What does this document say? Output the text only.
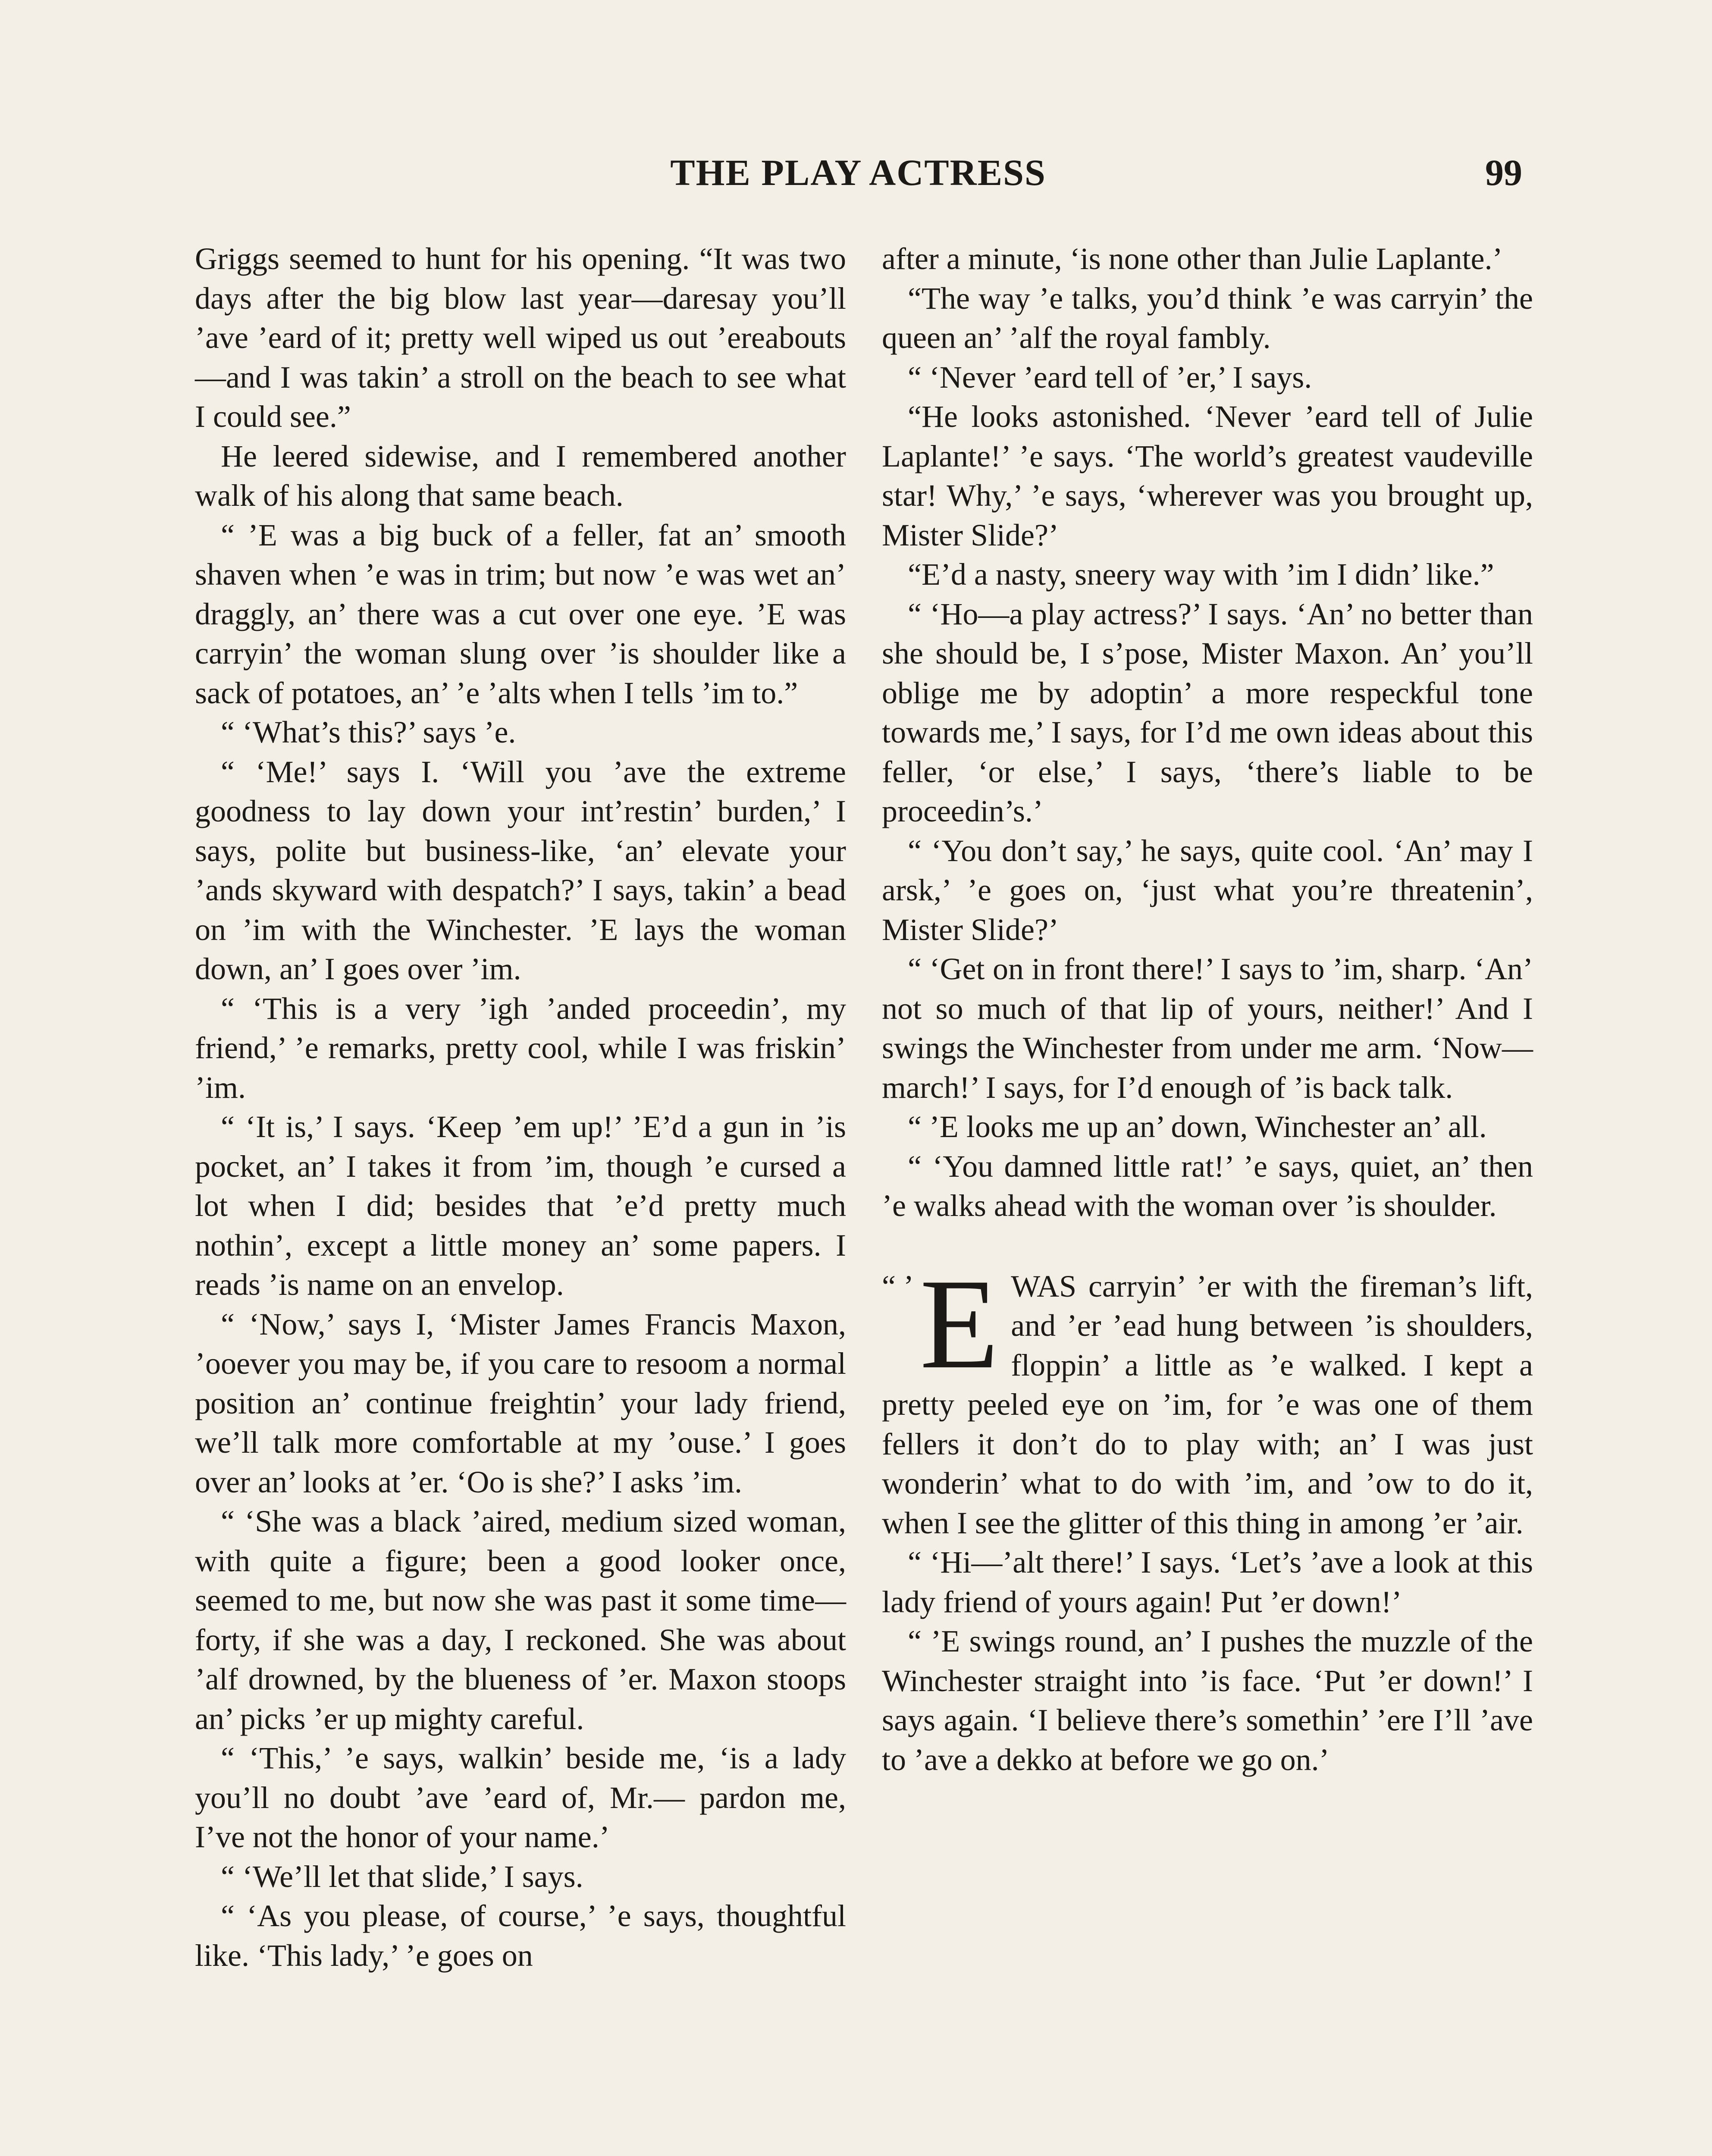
THE PLAY ACTRESS	99

Griggs seemed to hunt for his opening. “It was two days after the big blow last year—daresay you’ll ’ave ’eard of it; pretty well wiped us out ’ereabouts—and I was takin’ a stroll on the beach to see what I could see.”

He leered sidewise, and I remembered another walk of his along that same beach.

“ ’E was a big buck of a feller, fat an’ smooth shaven when ’e was in trim; but now ’e was wet an’ draggly, an’ there was a cut over one eye. ’E was carryin’ the woman slung over ’is shoulder like a sack of potatoes, an’ ’e ’alts when I tells ’im to.”

“ ‘What’s this?’ says ’e.

“ ‘Me!’ says I. ‘Will you ’ave the extreme goodness to lay down your int’restin’ burden,’ I says, polite but business-like, ‘an’ elevate your ’ands skyward with despatch?’ I says, takin’ a bead on ’im with the Winchester. ’E lays the woman down, an’ I goes over ’im.

“ ‘This is a very ’igh ’anded proceedin’, my friend,’ ’e remarks, pretty cool, while I was friskin’ ’im.

“ ‘It is,’ I says. ‘Keep ’em up!’ ’E’d a gun in ’is pocket, an’ I takes it from ’im, though ’e cursed a lot when I did; besides that ’e’d pretty much nothin’, except a little money an’ some papers. I reads ’is name on an envelop.

“ ‘Now,’ says I, ‘Mister James Francis Maxon, ’ooever you may be, if you care to resoom a normal position an’ continue freightin’ your lady friend, we’ll talk more comfortable at my ’ouse.’ I goes over an’ looks at ’er. ‘Oo is she?’ I asks ’im.

“ ‘She was a black ’aired, medium sized woman, with quite a figure; been a good looker once, seemed to me, but now she was past it some time—forty, if she was a day, I reckoned. She was about ’alf drowned, by the blueness of ’er. Maxon stoops an’ picks ’er up mighty careful.

“ ‘This,’ ’e says, walkin’ beside me, ‘is a lady you’ll no doubt ’ave ’eard of, Mr.— pardon me, I’ve not the honor of your name.’

“ ‘We’ll let that slide,’ I says.

“ ‘As you please, of course,’ ’e says, thoughtful like. ‘This lady,’ ’e goes on

after a minute, ‘is none other than Julie Laplante.’

“The way ’e talks, you’d think ’e was carryin’ the queen an’ ’alf the royal fambly.

“ ‘Never ’eard tell of ’er,’ I says.

“He looks astonished. ‘Never ’eard tell of Julie Laplante!’ ’e says. ‘The world’s greatest vaudeville star! Why,’ ’e says, ‘wherever was you brought up, Mister Slide?’

“E’d a nasty, sneery way with ’im I didn’ like.”

“ ‘Ho—a play actress?’ I says. ‘An’ no better than she should be, I s’pose, Mister Maxon. An’ you’ll oblige me by adoptin’ a more respeckful tone towards me,’ I says, for I’d me own ideas about this feller, ‘or else,’ I says, ‘there’s liable to be proceedin’s.’

“ ‘You don’t say,’ he says, quite cool. ‘An’ may I arsk,’ ’e goes on, ‘just what you’re threatenin’, Mister Slide?’

“ ‘Get on in front there!’ I says to ’im, sharp. ‘An’ not so much of that lip of yours, neither!’ And I swings the Winchester from under me arm. ‘Now— march!’ I says, for I’d enough of ’is back talk.

“ ’E looks me up an’ down, Winchester an’ all.

“ ‘You damned little rat!’ ’e says, quiet, an’ then ’e walks ahead with the woman over ’is shoulder.

“ ’ E WAS carryin’ ’er with the fireman’s lift, and ’er ’ead hung between ’is shoulders, floppin’ a little as ’e walked. I kept a pretty peeled eye on ’im, for ’e was one of them fellers it don’t do to play with; an’ I was just wonderin’ what to do with ’im, and ’ow to do it, when I see the glitter of this thing in among ’er ’air.

“ ‘Hi—’alt there!’ I says. ‘Let’s ’ave a look at this lady friend of yours again! Put ’er down!’

“ ’E swings round, an’ I pushes the muzzle of the Winchester straight into ’is face. ‘Put ’er down!’ I says again. ‘I believe there’s somethin’ ’ere I’ll ’ave to ’ave a dekko at before we go on.’
